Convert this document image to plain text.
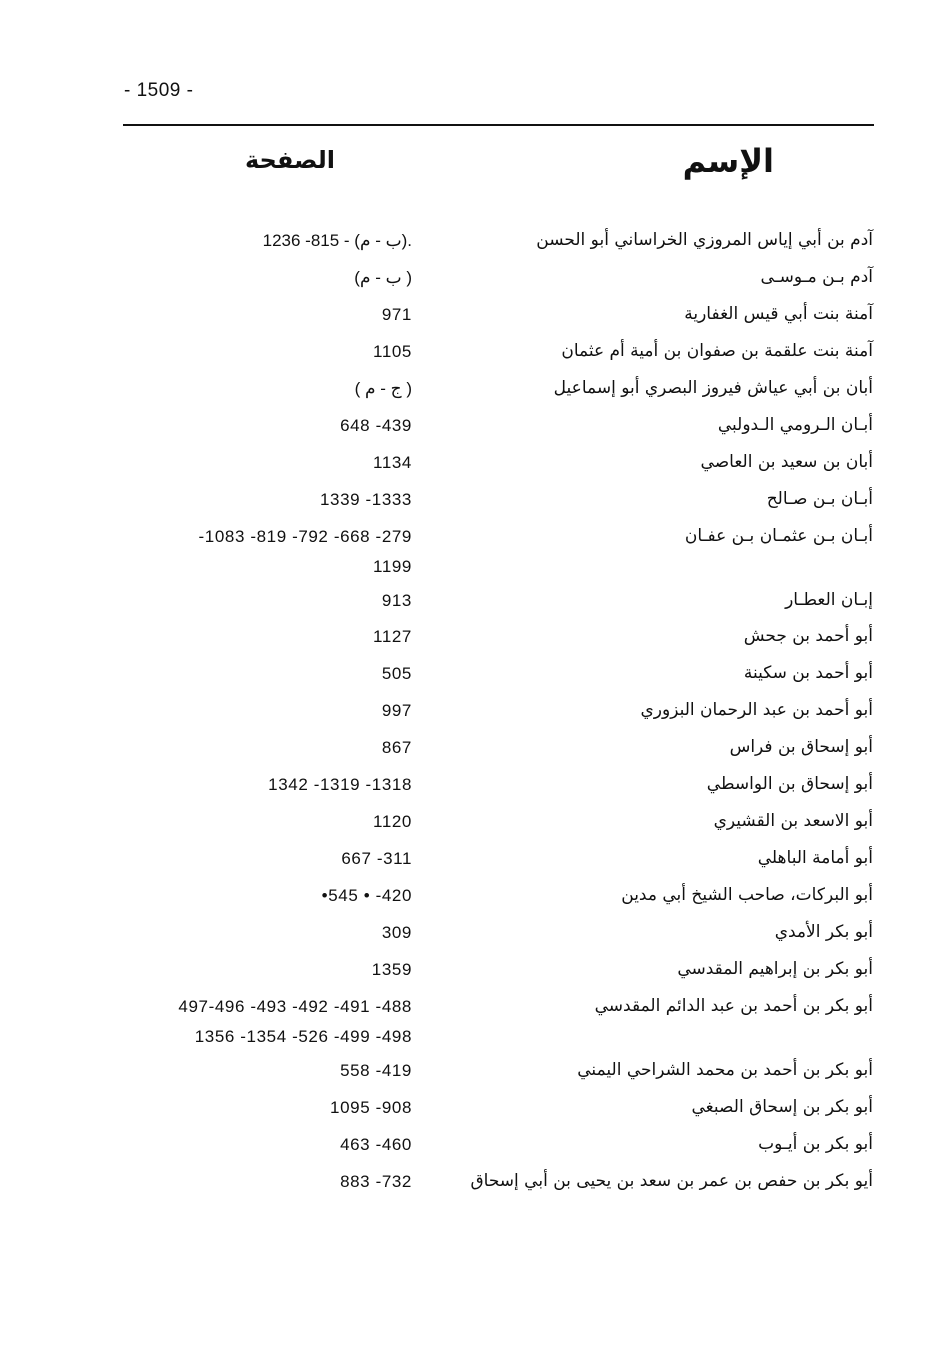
- 1509 -
الإسم
الصفحة
آدم بن أبي إياس المروزي الخراساني أبو الحسن
1236 -815 - (ب - م).
آدم بـن مـوسـى
(ب - م )
آمنة بنت أبي قيس الغفارية
971
آمنة بنت علقمة بن صفوان بن أمية أم عثمان
1105
أبان بن أبي عياش فيروز البصري أبو إسماعيل
( ج - م )
أبـان الـرومي الـدولبي
648 -439
أبان بن سعيد بن العاصي
1134
أبـان بـن صـالح
1339 -1333
أبـان بـن عثمـان بـن عفـان
-1083 -819 -792 -668 -279
1199
إبـان العطـار
913
أبو أحمد بن جحش
1127
أبو أحمد بن سكينة
505
أبو أحمد بن عبد الرحمان البزوري
997
أبو إسحاق بن فراس
867
أبو إسحاق بن الواسطي
1342 -1319 -1318
أبو الاسعد بن القشيري
1120
أبو أمامة الباهلي
667 -311
أبو البركات، صاحب الشيخ أبي مدين
•545 • -420
أبو بكر الأمدي
309
أبو بكر بن إبراهيم المقدسي
1359
أبو بكر بن أحمد بن عبد الدائم المقدسي
497-496 -493 -492 -491 -488
1356 -1354 -526 -499 -498
أبو بكر بن أحمد بن محمد الشراحي اليمني
558 -419
أبو بكر بن إسحاق الصبغي
1095 -908
أبو بكر بن أيـوب
463 -460
أيو بكر بن حفص بن عمر بن سعد بن يحيى بن أبي إسحاق
883 -732
